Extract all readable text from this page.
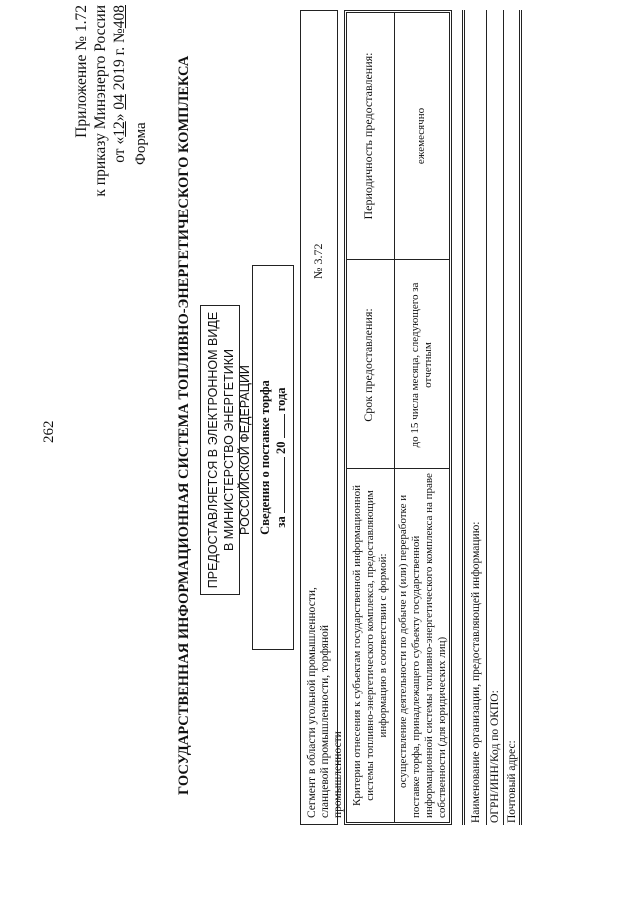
262
Приложение № 1.72 к приказу Минэнерго России от «12» 04 2019 г. №408
Форма ГОСУДАРСТВЕННАЯ ИНФОРМАЦИОННАЯ СИСТЕМА ТОПЛИВНО-ЭНЕРГЕТИЧЕСКОГО КОМПЛЕКСА ПРЕДОСТАВЛЯЕТСЯ В ЭЛЕКТРОННОМ ВИДЕ В МИНИСТЕРСТВО ЭНЕРГЕТИКИ РОССИЙСКОЙ ФЕДЕРАЦИИ Сведения о поставке торфа за  20  года
Сегмент в области угольной промышленности, сланцевой промышленности, торфяной промышленности
№ 3.72
Критерии отнесения к субъектам государственной информационной системы топливно-энергетического комплекса, предоставляющим информацию в соответствии с формой:
Срок предоставления:
Периодичность предоставления:
осуществление деятельности по добыче и (или) переработке и поставке торфа, принадлежащего субъекту государственной информационной системы топливно-энергетического комплекса на праве собственности (для юридических лиц)
до 15 числа месяца, следующего за отчетным
ежемесячно
Наименование организации, предоставляющей информацию: ОГРН/ИНН/Код по ОКПО: Почтовый адрес:
